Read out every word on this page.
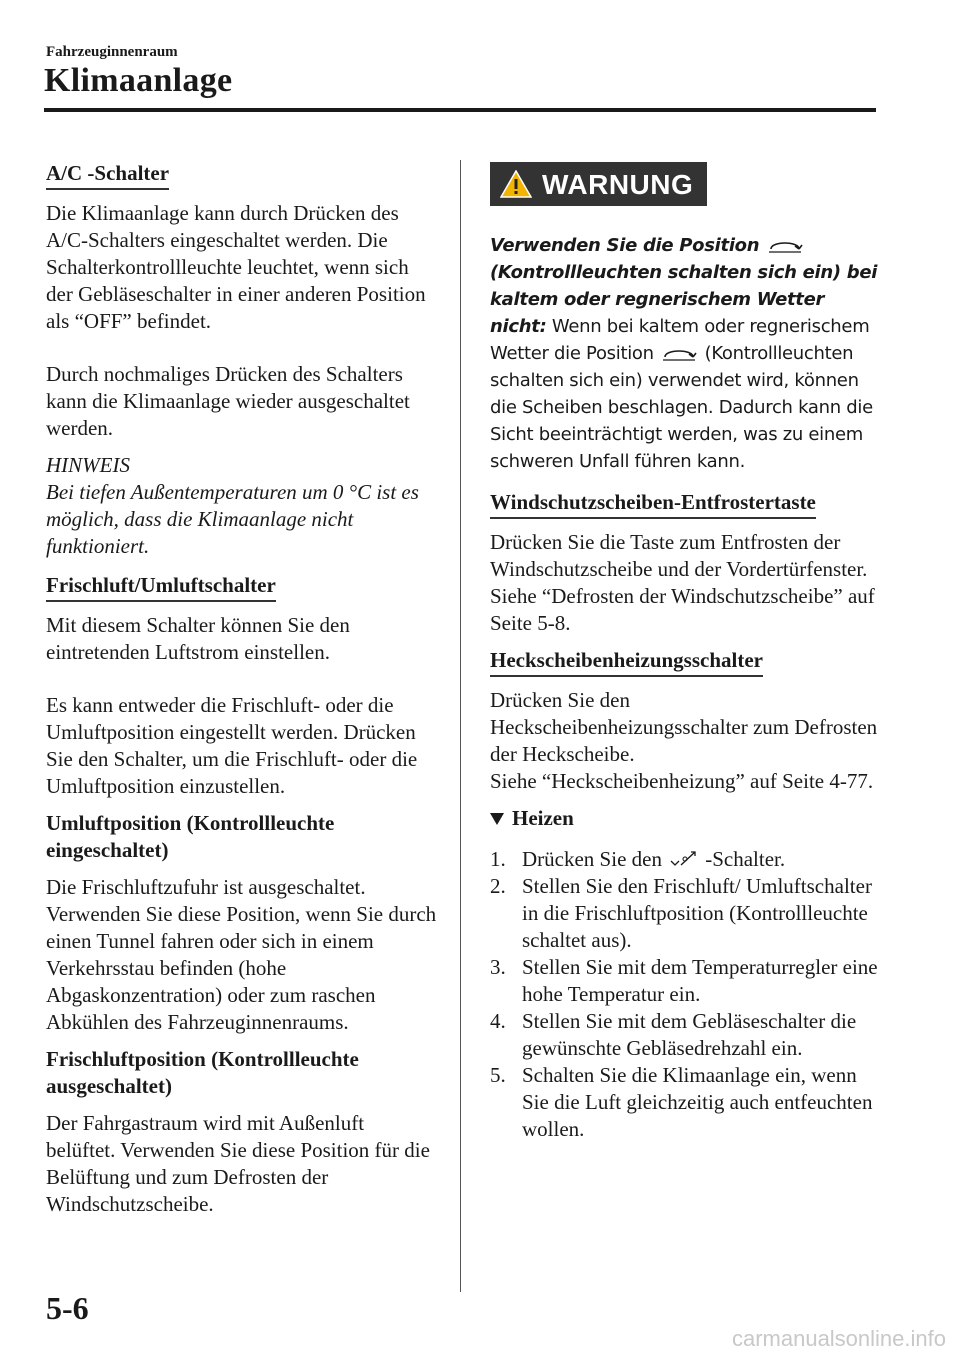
Fahrzeuginnenraum
Klimaanlage
A/C -Schalter

Die Klimaanlage kann durch Drücken des A/C-Schalters eingeschaltet werden. Die Schalterkontrollleuchte leuchtet, wenn sich der Gebläseschalter in einer anderen Position als “OFF” befindet.

Durch nochmaliges Drücken des Schalters kann die Klimaanlage wieder ausgeschaltet werden.

HINWEIS

Bei tiefen Außentemperaturen um 0 °C ist es möglich, dass die Klimaanlage nicht funktioniert.

Frischluft/Umluftschalter

Mit diesem Schalter können Sie den eintretenden Luftstrom einstellen.

Es kann entweder die Frischluft- oder die Umluftposition eingestellt werden. Drücken Sie den Schalter, um die Frischluft- oder die Umluftposition einzustellen.

Umluftposition (Kontrollleuchte eingeschaltet)

Die Frischluftzufuhr ist ausgeschaltet. Verwenden Sie diese Position, wenn Sie durch einen Tunnel fahren oder sich in einem Verkehrsstau befinden (hohe Abgaskonzentration) oder zum raschen Abkühlen des Fahrzeuginnenraums.

Frischluftposition (Kontrollleuchte ausgeschaltet)

Der Fahrgastraum wird mit Außenluft belüftet. Verwenden Sie diese Position für die Belüftung und zum Defrosten der Windschutzscheibe.

WARNUNG
Verwenden Sie die Position  (Kontrollleuchten schalten sich ein) bei kaltem oder regnerischem Wetter nicht: Wenn bei kaltem oder regnerischem Wetter die Position	(Kontrollleuchten schalten sich ein) verwendet wird, können die Scheiben beschlagen. Dadurch kann die Sicht beeinträchtigt werden, was zu einem schweren Unfall führen kann.
Windschutzscheiben-Entfrostertaste

Drücken Sie die Taste zum Entfrosten der Windschutzscheibe und der Vordertürfenster.

Siehe “Defrosten der Windschutzscheibe” auf Seite 5-8.

Heckscheibenheizungsschalter

Drücken Sie den Heckscheibenheizungsschalter zum Defrosten der Heckscheibe.

Siehe “Heckscheibenheizung” auf Seite 4-77.

Heizen
1. Drücken Sie den -Schalter.
2. Stellen Sie den Frischluft/ Umluftschalter in die Frischluftposition (Kontrollleuchte schaltet aus).
3. Stellen Sie mit dem Temperaturregler eine hohe Temperatur ein.
4. Stellen Sie mit dem Gebläseschalter die gewünschte Gebläsedrehzahl ein.
5. Schalten Sie die Klimaanlage ein, wenn Sie die Luft gleichzeitig auch entfeuchten wollen.
5-6
carmanualsonline.info
